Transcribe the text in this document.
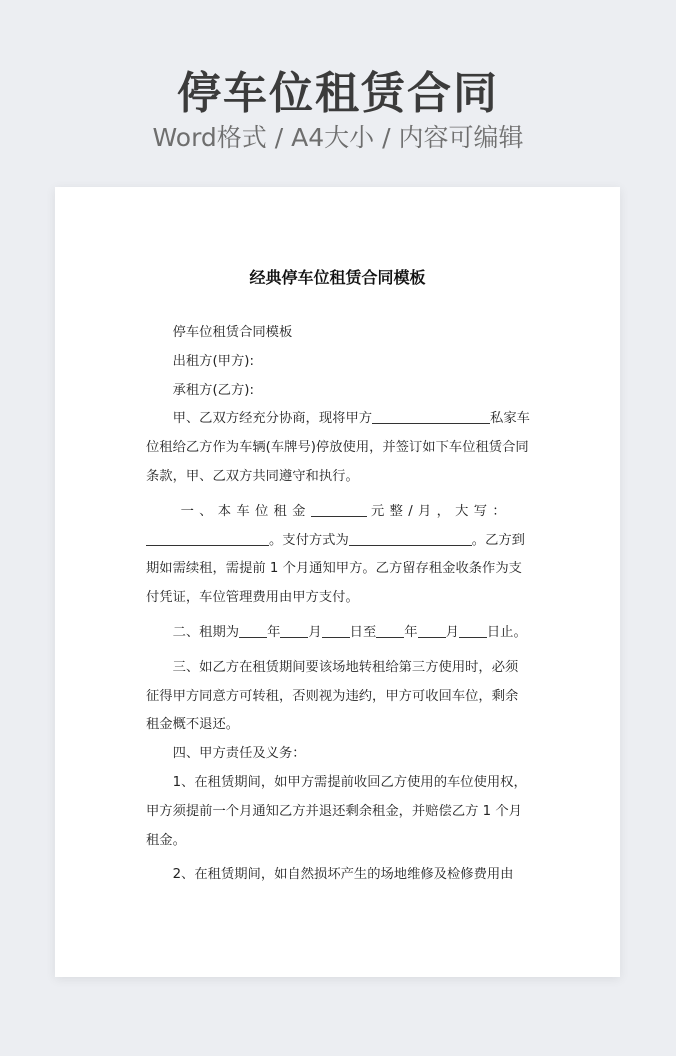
停车位租赁合同
Word格式 / A4大小 / 内容可编辑
经典停车位租赁合同模板

停车位租赁合同模板

出租方(甲方):

承租方(乙方):

甲、乙双方经充分协商，现将甲方	私家车位租给乙方作为车辆(车牌号)停放使用，并签订如下车位租赁合同条款，甲、乙双方共同遵守和执行。

一、本车位租金	元整/月，大写：
。支付方式为	。乙方到期如需续租，需提前 1 个月通知甲方。乙方留存租金收条作为支付凭证，车位管理费用由甲方支付。

二、租期为 年 月 日至 年 月 日止。

三、如乙方在租赁期间要该场地转租给第三方使用时，必须征得甲方同意方可转租，否则视为违约，甲方可收回车位，剩余租金概不退还。

四、甲方责任及义务：

1、在租赁期间，如甲方需提前收回乙方使用的车位使用权，甲方须提前一个月通知乙方并退还剩余租金，并赔偿乙方 1 个月租金。

2、在租赁期间，如自然损坏产生的场地维修及检修费用由
